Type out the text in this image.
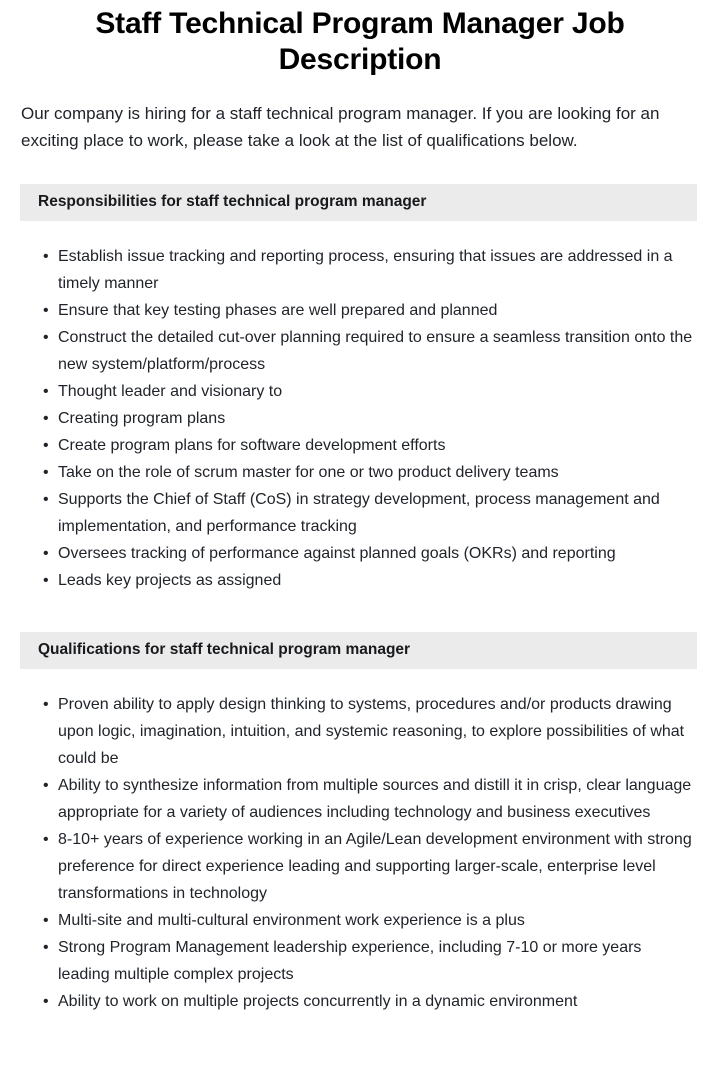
Staff Technical Program Manager Job Description

Our company is hiring for a staff technical program manager. If you are looking for an exciting place to work, please take a look at the list of qualifications below.

Responsibilities for staff technical program manager
• Establish issue tracking and reporting process, ensuring that issues are addressed in a timely manner
• Ensure that key testing phases are well prepared and planned
• Construct the detailed cut-over planning required to ensure a seamless transition onto the new system/platform/process
• Thought leader and visionary to
• Creating program plans
• Create program plans for software development efforts
• Take on the role of scrum master for one or two product delivery teams
• Supports the Chief of Staff (CoS) in strategy development, process management and implementation, and performance tracking
• Oversees tracking of performance against planned goals (OKRs) and reporting
• Leads key projects as assigned
Qualifications for staff technical program manager
• Proven ability to apply design thinking to systems, procedures and/or products drawing upon logic, imagination, intuition, and systemic reasoning, to explore possibilities of what could be
• Ability to synthesize information from multiple sources and distill it in crisp, clear language appropriate for a variety of audiences including technology and business executives
• 8-10+ years of experience working in an Agile/Lean development environment with strong preference for direct experience leading and supporting larger-scale, enterprise level transformations in technology
• Multi-site and multi-cultural environment work experience is a plus
• Strong Program Management leadership experience, including 7-10 or more years leading multiple complex projects
• Ability to work on multiple projects concurrently in a dynamic environment
